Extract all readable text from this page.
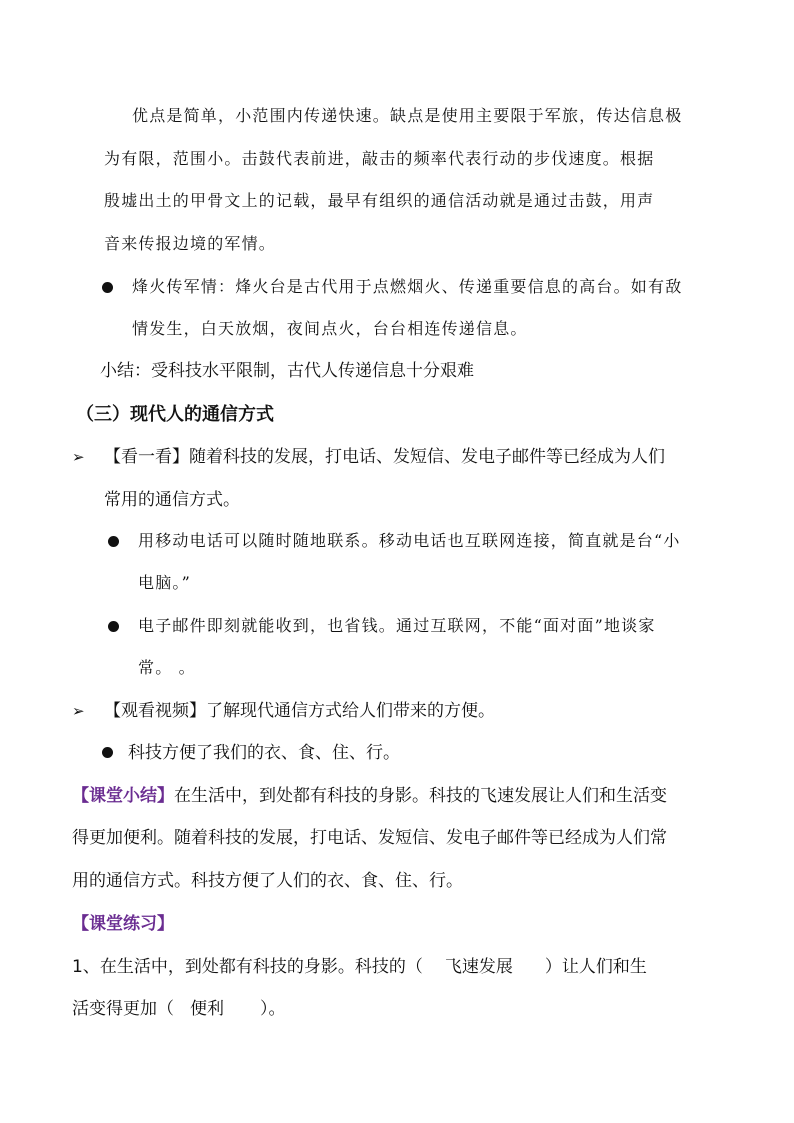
优点是简单，小范围内传递快速。缺点是使用主要限于军旅，传达信息极
为有限，范围小。击鼓代表前进，敲击的频率代表行动的步伐速度。根据
殷墟出土的甲骨文上的记载，最早有组织的通信活动就是通过击鼓，用声
音来传报边境的军情。
烽火传军情：烽火台是古代用于点燃烟火、传递重要信息的高台。如有敌
情发生，白天放烟，夜间点火，台台相连传递信息。
小结：受科技水平限制，古代人传递信息十分艰难
（三）现代人的通信方式
➢ 【看一看】随着科技的发展，打电话、发短信、发电子邮件等已经成为人们
常用的通信方式。
用移动电话可以随时随地联系。移动电话也互联网连接，简直就是台“小
电脑。”
电子邮件即刻就能收到，也省钱。通过互联网，不能“面对面”地谈家
常。 。
➢ 【观看视频】了解现代通信方式给人们带来的方便。
科技方便了我们的衣、食、住、行。
【课堂小结】在生活中，到处都有科技的身影。科技的飞速发展让人们和生活变
得更加便利。随着科技的发展，打电话、发短信、发电子邮件等已经成为人们常
用的通信方式。科技方便了人们的衣、食、住、行。
【课堂练习】
1、在生活中，到处都有科技的身影。科技的（ 飞速发展 ）让人们和生
活变得更加（ 便利 ）。
